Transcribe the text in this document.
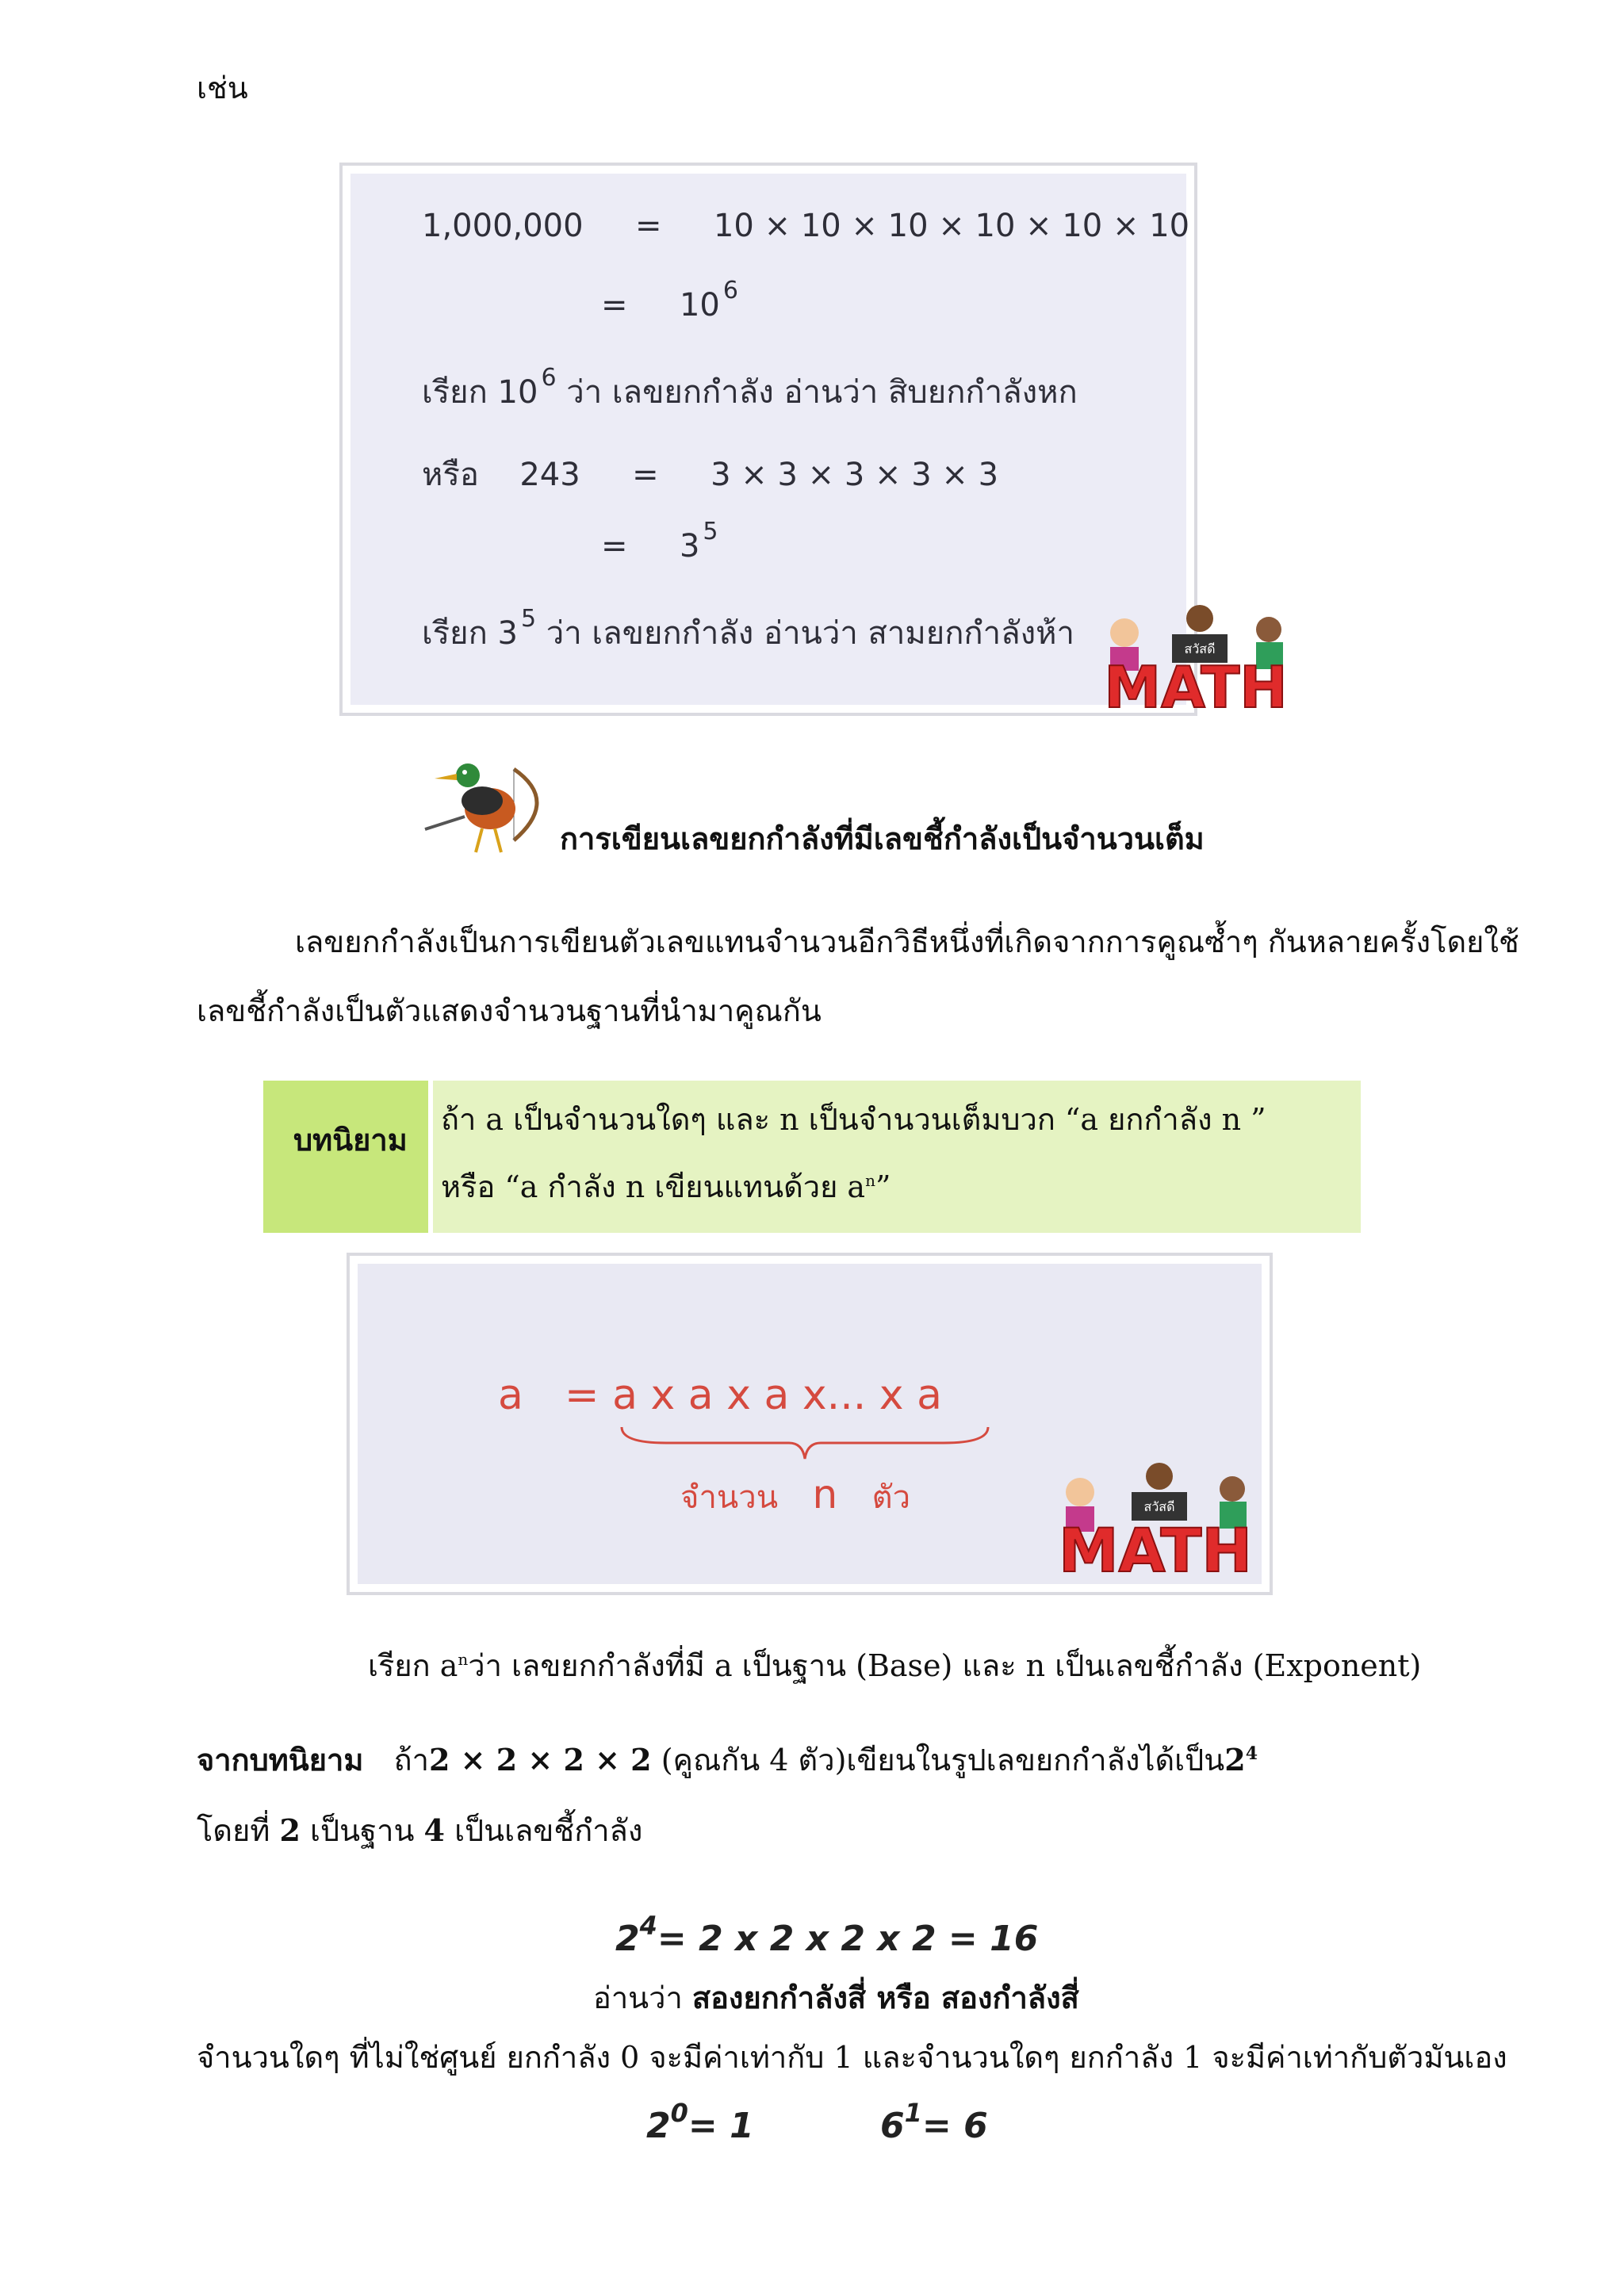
เช่น
1,000,000 = 10 × 10 × 10 × 10 × 10 × 10
= 10 $^6$
เรียก 10 $^6$ ว่า เลขยกกำลัง อ่านว่า สิบยกกำลังหก
หรือ 243 = 3 × 3 × 3 × 3 × 3
= 3 $^5$
เรียก 3 $^5$ ว่า เลขยกกำลัง อ่านว่า สามยกกำลังห้า	สวัสดี
MATH
การเขียนเลขยกกำลังที่มีเลขชี้กำลังเป็นจำนวนเต็ม
เลขยกกำลังเป็นการเขียนตัวเลขแทนจำนวนอีกวิธีหนึ่งที่เกิดจากการคูณซ้ำๆ กันหลายครั้งโดยใช้
เลขชี้กำลังเป็นตัวแสดงจำนวนฐานที่นำมาคูณกัน
บทนิยาม
ถ้า a เป็นจำนวนใดๆ และ n เป็นจำนวนเต็มบวก “a ยกกำลัง n ”
หรือ “a กำลัง n เขียนแทนด้วย $a^n$”
a = a x a x a x... x a
จำนวน n ตัว	สวัสดี
MATH
เรียก $a^n$ว่า เลขยกกำลังที่มี a เป็นฐาน (Base) และ n เป็นเลขชี้กำลัง (Exponent)
จากบทนิยาม ถ้า2 × 2 × 2 × 2 (คูณกัน 4 ตัว)เขียนในรูปเลขยกกำลังได้เป็น$2^4$
โดยที่ 2 เป็นฐาน 4 เป็นเลขชี้กำลัง
$2^4= 2$ x 2 x 2 x 2 = 16
อ่านว่า สองยกกำลังสี่ หรือ สองกำลังสี่
จำนวนใดๆ ที่ไม่ใช่ศูนย์ ยกกำลัง 0 จะมีค่าเท่ากับ 1 และจำนวนใดๆ ยกกำลัง 1 จะมีค่าเท่ากับตัวมันเอง
$2^0= 1$	$6^1= 6$
